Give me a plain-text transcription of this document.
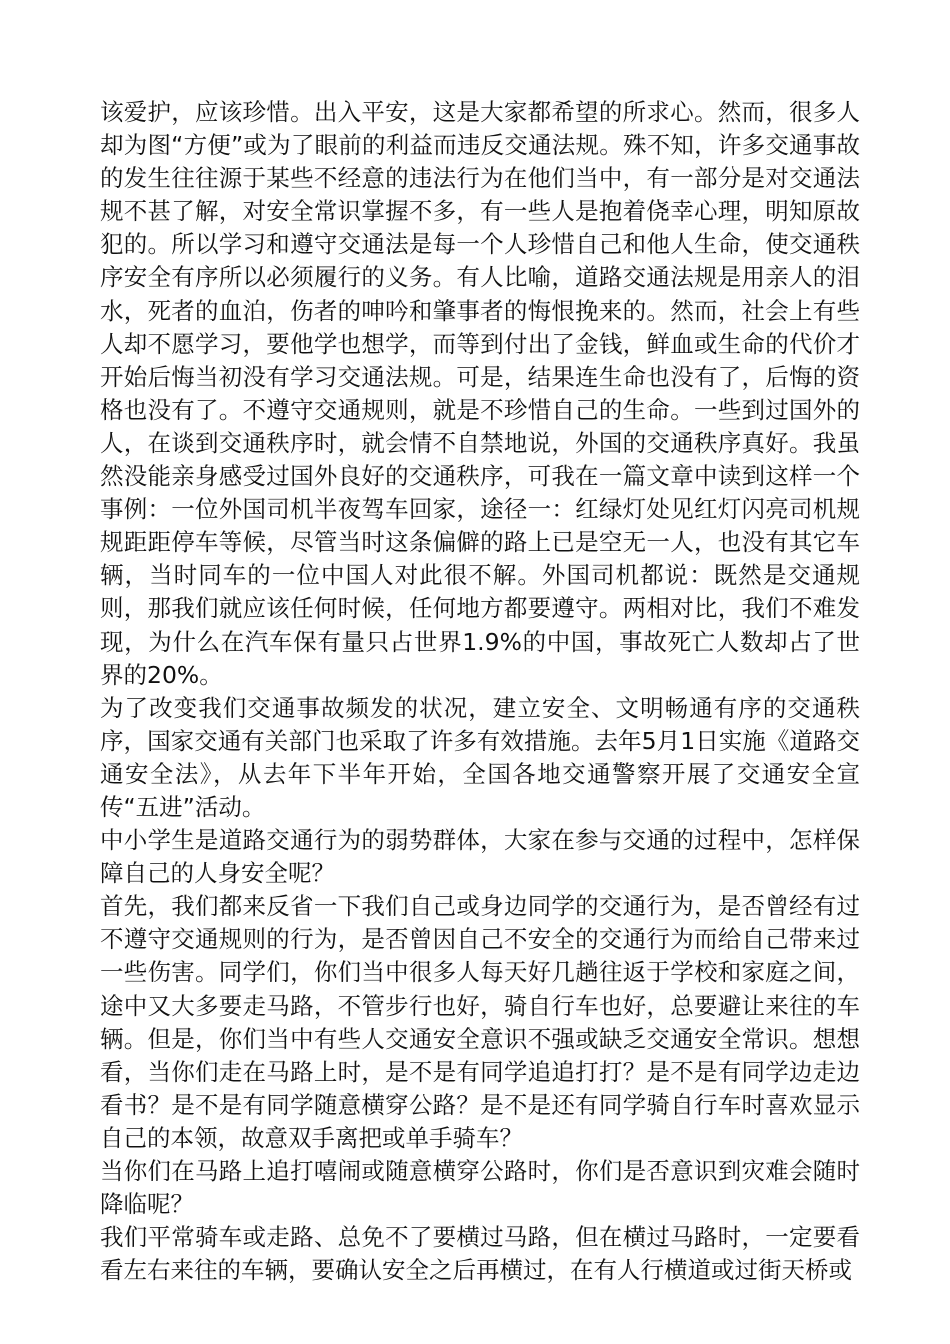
该爱护，应该珍惜。出入平安，这是大家都希望的所求心。然而，很多人却为图“方便”或为了眼前的利益而违反交通法规。殊不知，许多交通事故的发生往往源于某些不经意的违法行为在他们当中，有一部分是对交通法规不甚了解，对安全常识掌握不多，有一些人是抱着侥幸心理，明知原故犯的。所以学习和遵守交通法是每一个人珍惜自己和他人生命，使交通秩序安全有序所以必须履行的义务。有人比喻，道路交通法规是用亲人的泪水，死者的血泊，伤者的呻吟和肇事者的悔恨挽来的。然而，社会上有些人却不愿学习，要他学也想学，而等到付出了金钱，鲜血或生命的代价才开始后悔当初没有学习交通法规。可是，结果连生命也没有了，后悔的资格也没有了。不遵守交通规则，就是不珍惜自己的生命。一些到过国外的人，在谈到交通秩序时，就会情不自禁地说，外国的交通秩序真好。我虽然没能亲身感受过国外良好的交通秩序，可我在一篇文章中读到这样一个事例：一位外国司机半夜驾车回家，途径一：红绿灯处见红灯闪亮司机规规距距停车等候，尽管当时这条偏僻的路上已是空无一人，也没有其它车辆，当时同车的一位中国人对此很不解。外国司机都说：既然是交通规则，那我们就应该任何时候，任何地方都要遵守。两相对比，我们不难发现，为什么在汽车保有量只占世界1.9%的中国，事故死亡人数却占了世界的20%。

为了改变我们交通事故频发的状况，建立安全、文明畅通有序的交通秩序，国家交通有关部门也采取了许多有效措施。去年5月1日实施《道路交通安全法》，从去年下半年开始，全国各地交通警察开展了交通安全宣传“五进”活动。

中小学生是道路交通行为的弱势群体，大家在参与交通的过程中，怎样保障自己的人身安全呢？

首先，我们都来反省一下我们自己或身边同学的交通行为，是否曾经有过不遵守交通规则的行为，是否曾因自己不安全的交通行为而给自己带来过一些伤害。同学们，你们当中很多人每天好几趟往返于学校和家庭之间，途中又大多要走马路，不管步行也好，骑自行车也好，总要避让来往的车辆。但是，你们当中有些人交通安全意识不强或缺乏交通安全常识。想想看，当你们走在马路上时，是不是有同学追追打打？是不是有同学边走边看书？是不是有同学随意横穿公路？是不是还有同学骑自行车时喜欢显示自己的本领，故意双手离把或单手骑车？

当你们在马路上追打嘻闹或随意横穿公路时，你们是否意识到灾难会随时降临呢？

我们平常骑车或走路、总免不了要横过马路，但在横过马路时，一定要看看左右来往的车辆，要确认安全之后再横过，在有人行横道或过街天桥或
